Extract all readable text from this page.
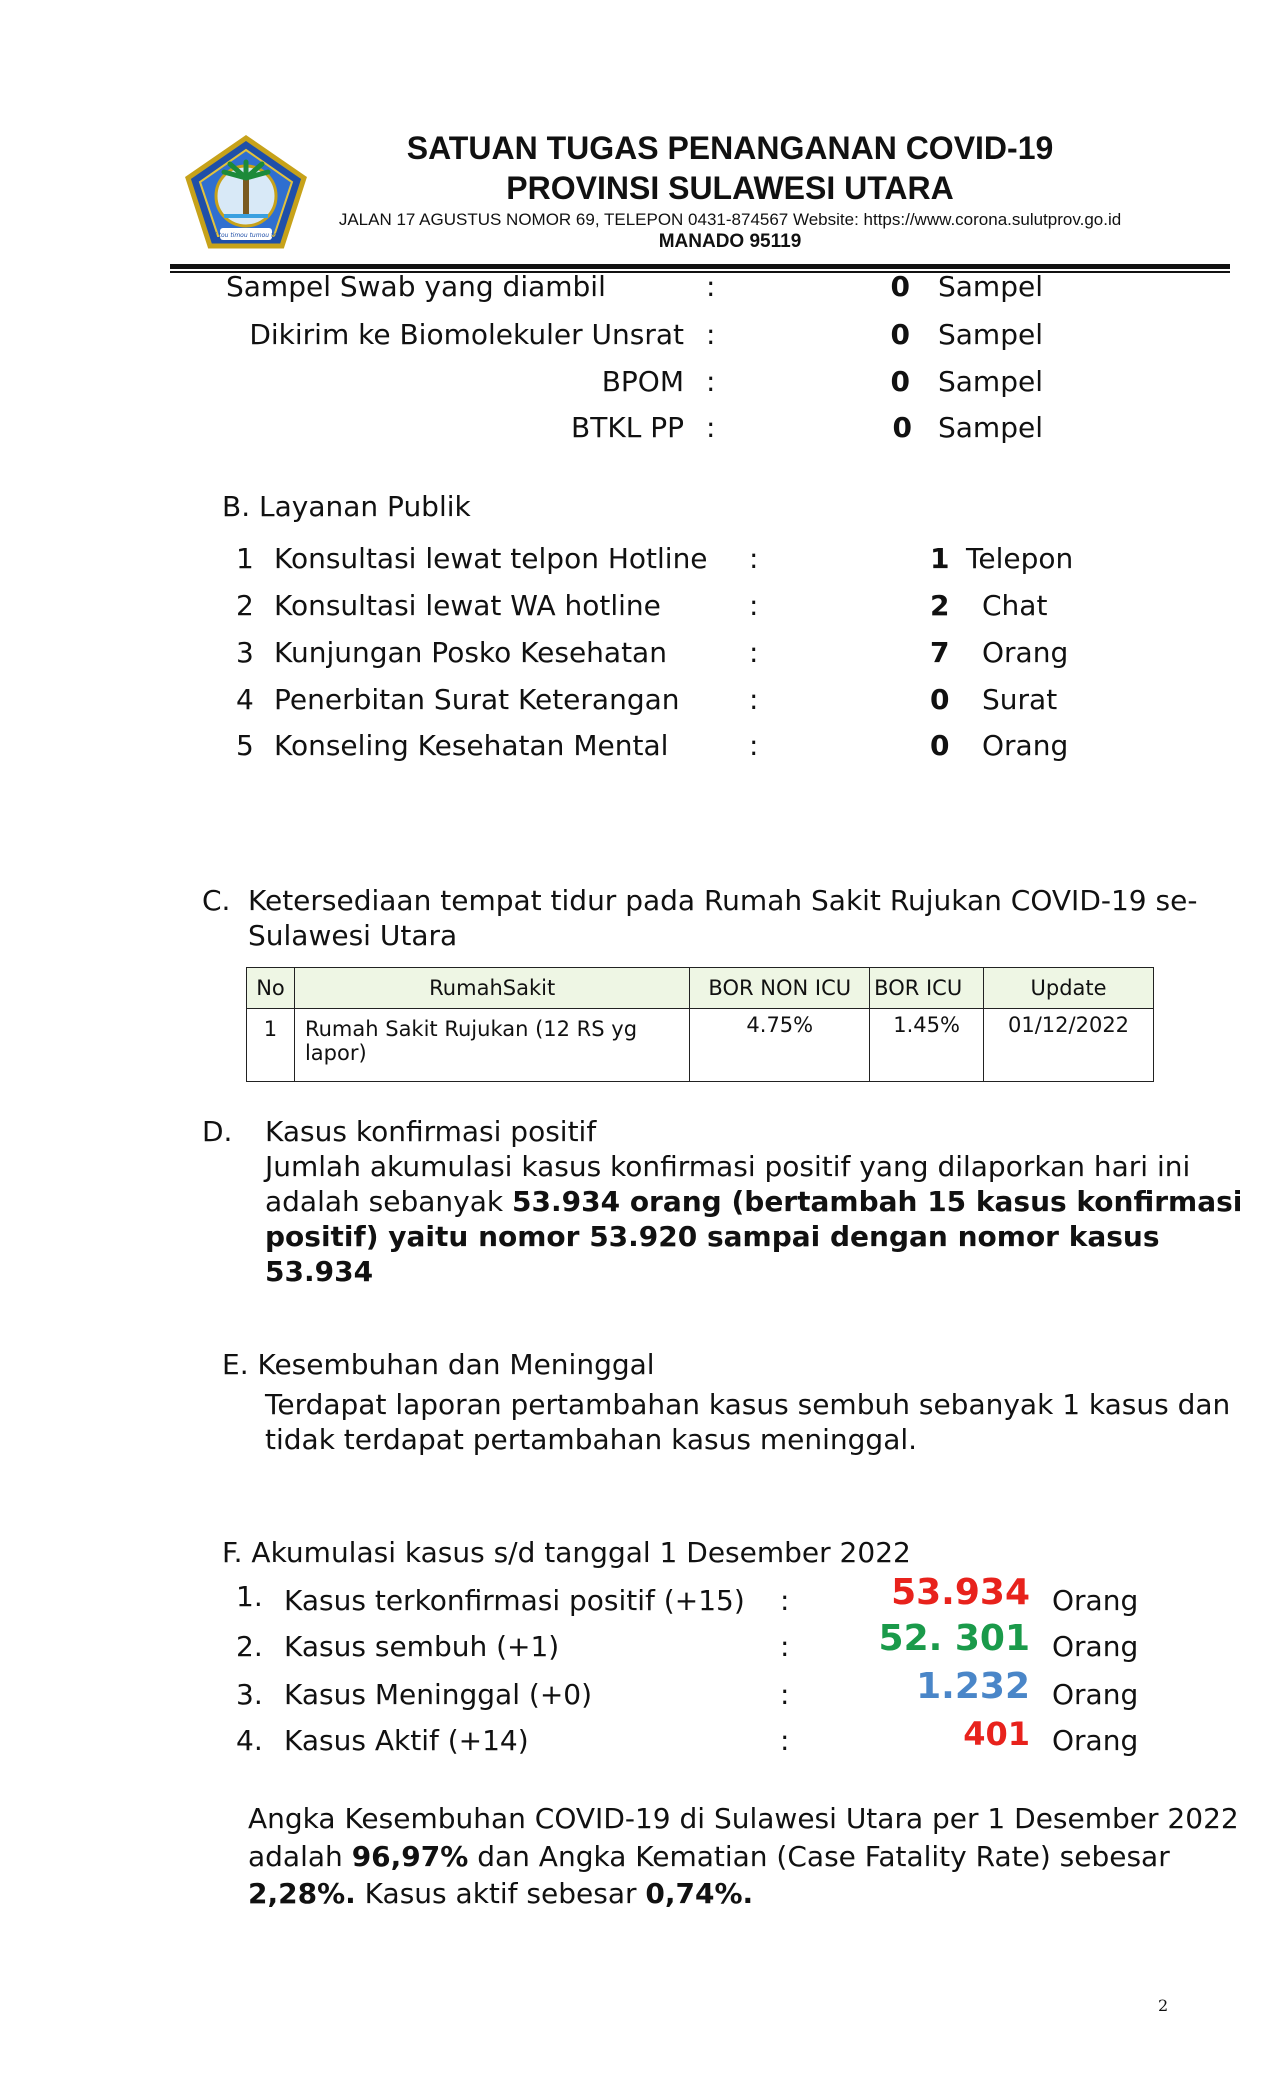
Si tou timou tumou tou
SATUAN TUGAS PENANGANAN COVID-19
PROVINSI SULAWESI UTARA
JALAN 17 AGUSTUS NOMOR 69, TELEPON 0431-874567 Website: https://www.corona.sulutprov.go.id
MANADO 95119
Sampel Swab yang diambil	:	0 Sampel
Dikirim ke Biomolekuler Unsrat :	0 Sampel
BPOM :	0 Sampel
BTKL PP :	0 Sampel
B. Layanan Publik
1 Konsultasi lewat telpon Hotline :	1 Telepon
2 Konsultasi lewat WA hotline	:	2 Chat
3 Kunjungan Posko Kesehatan	:	7 Orang
4 Penerbitan Surat Keterangan :	0 Surat
5 Konseling Kesehatan Mental	:	0 Orang
C. Ketersediaan tempat tidur pada Rumah Sakit Rujukan COVID-19 se-
Sulawesi Utara
No	RumahSakit	BOR NON ICU	BOR ICU	Update
1	Rumah Sakit Rujukan (12 RS yg lapor)	4.75%	1.45%	01/12/2022
D. Kasus konfirmasi positif
Jumlah akumulasi kasus konfirmasi positif yang dilaporkan hari ini
adalah sebanyak 53.934 orang (bertambah 15 kasus konfirmasi
positif) yaitu nomor 53.920 sampai dengan nomor kasus
53.934
E. Kesembuhan dan Meninggal
Terdapat laporan pertambahan kasus sembuh sebanyak 1 kasus dan
tidak terdapat pertambahan kasus meninggal.
F. Akumulasi kasus s/d tanggal 1 Desember 2022
1. Kasus terkonfirmasi positif (+15) :	53.934 Orang
2. Kasus sembuh (+1)	:	52. 301 Orang
3. Kasus Meninggal (+0)	:	1.232 Orang
4. Kasus Aktif (+14)	:	401 Orang
Angka Kesembuhan COVID-19 di Sulawesi Utara per 1 Desember 2022
adalah 96,97% dan Angka Kematian (Case Fatality Rate) sebesar
2,28%. Kasus aktif sebesar 0,74%.
2
